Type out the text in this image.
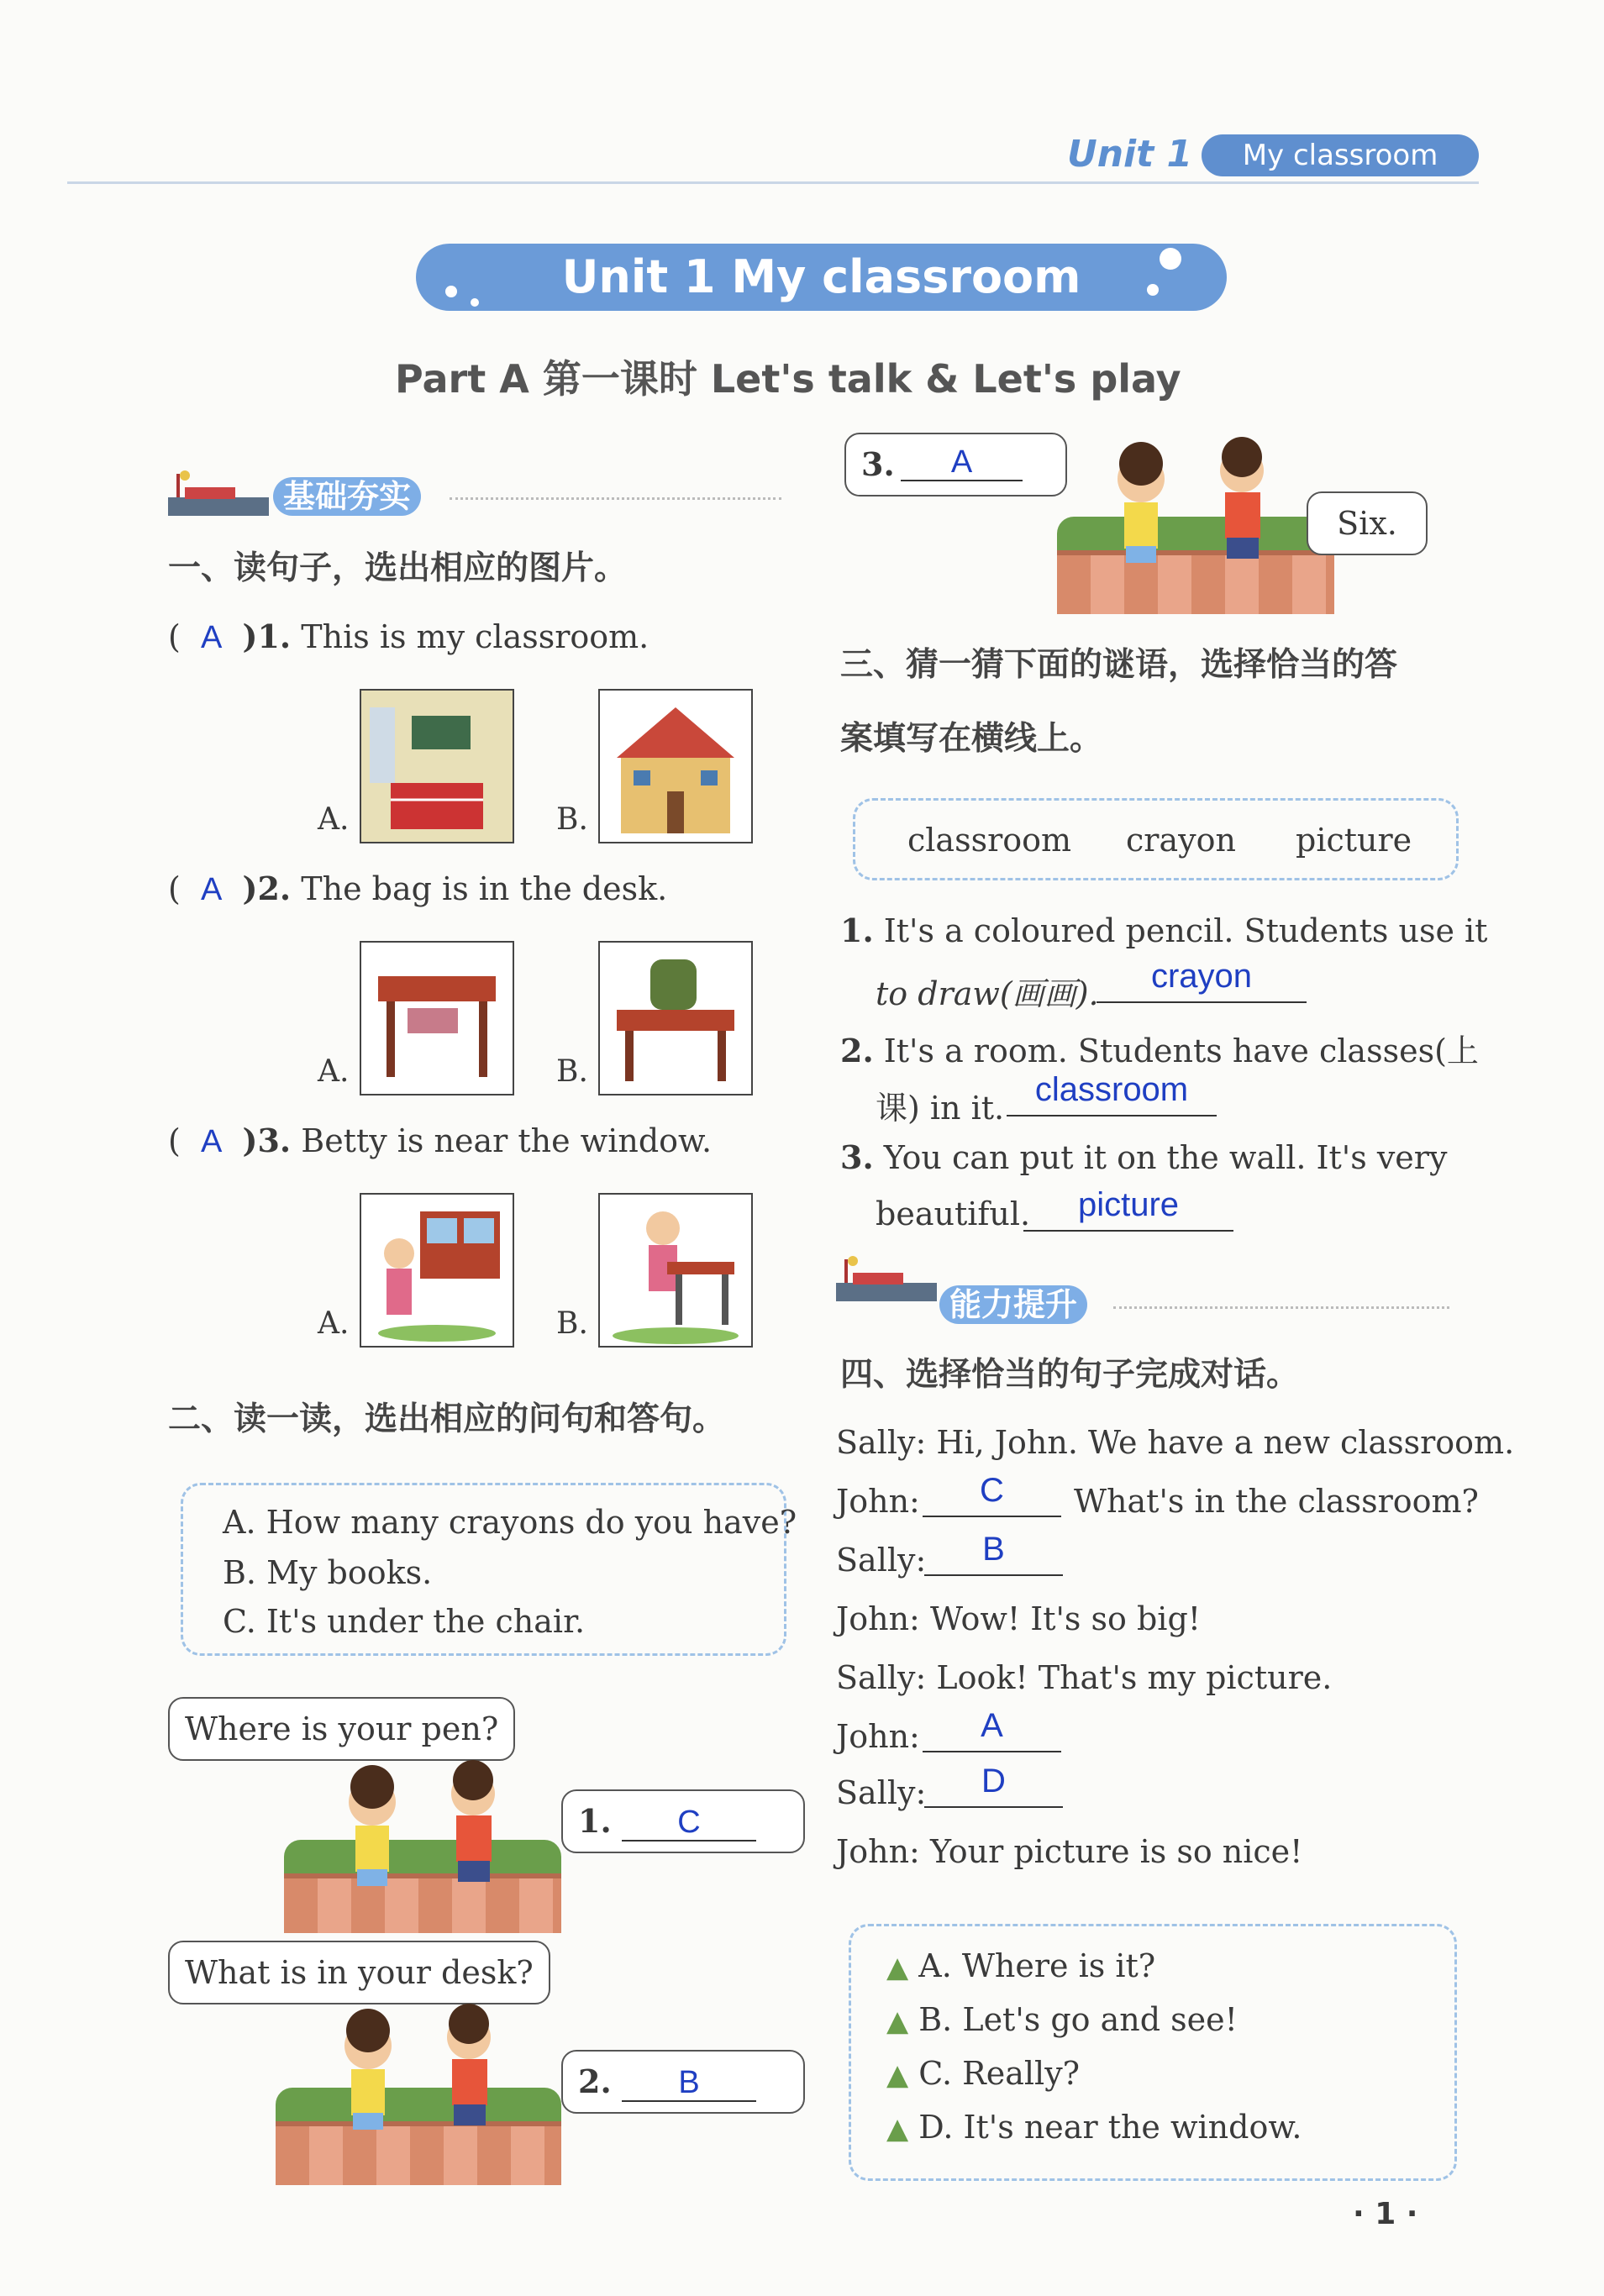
Unit 1	My classroom
Unit 1 My classroom
Part A 第一课时 Let's talk & Let's play
基础夯实
一、读句子，选出相应的图片。
(  A )1. This is my classroom.
A.	B.
(  A )2. The bag is in the desk.
A.	B.
(  A )3. Betty is near the window.
A.	B.
二、读一读，选出相应的问句和答句。
A. How many crayons do you have?
B. My books.
C. It's under the chair.
Where is your pen?
1.	C
What is in your desk?
2.	B
3.	A
Six.
三、猜一猜下面的谜语，选择恰当的答
案填写在横线上。
classroom crayon picture
1. It's a coloured pencil. Students use it
to draw(画画).	crayon
2. It's a room. Students have classes(上
课) in it. classroom
3. You can put it on the wall. It's very
beautiful.	picture
能力提升
四、选择恰当的句子完成对话。
Sally: Hi, John. We have a new classroom.
John:	C	What's in the classroom?
Sally:	B
John: Wow! It's so big!
Sally: Look! That's my picture.
John:	A
Sally:	D
John: Your picture is so nice!
▲ A. Where is it?
▲ B. Let's go and see!
▲ C. Really?
▲ D. It's near the window.
· 1 ·
